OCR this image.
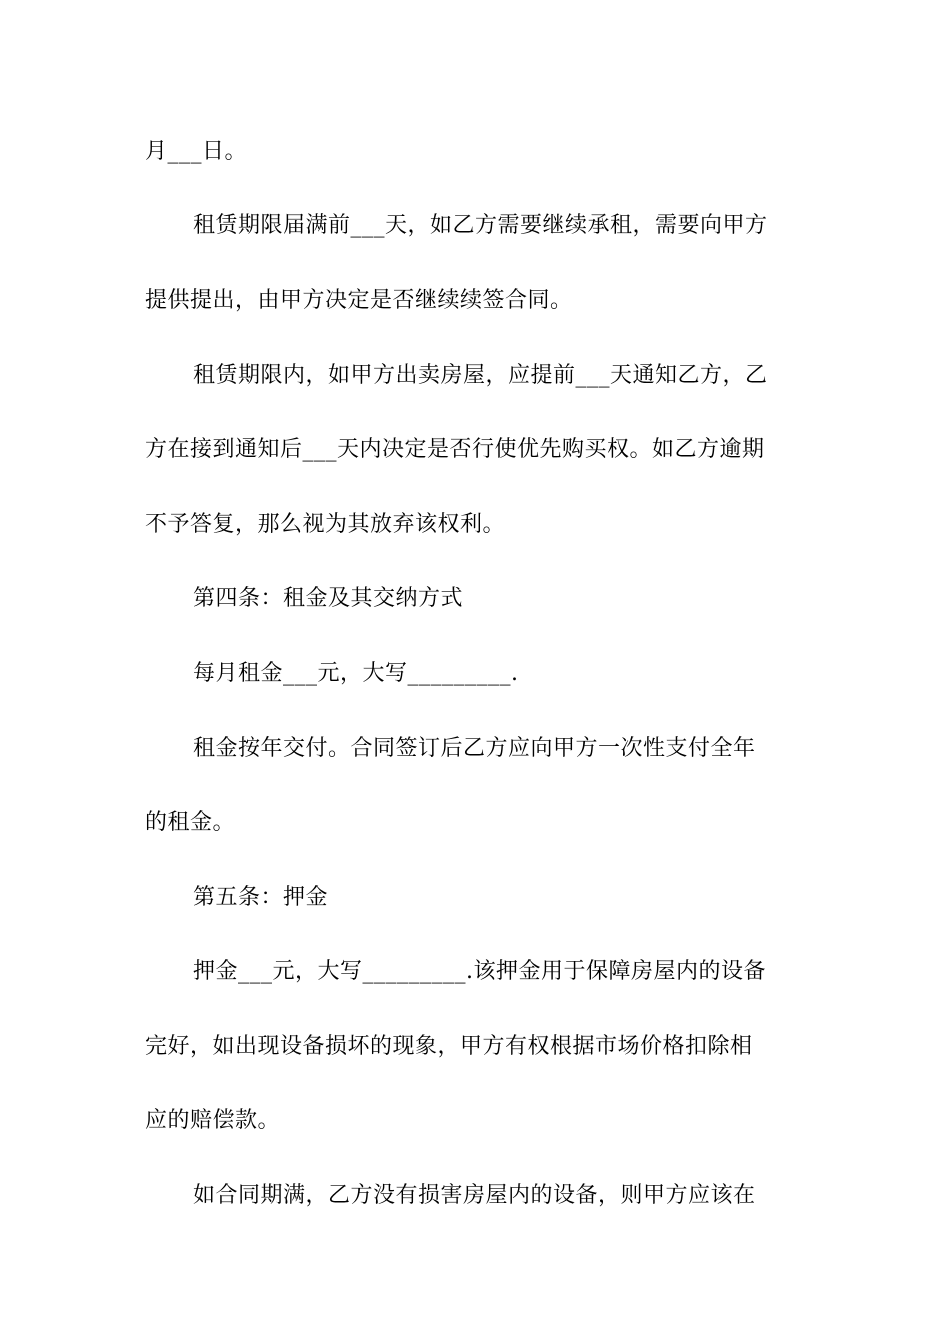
月___日。
租赁期限届满前___天，如乙方需要继续承租，需要向甲方
提供提出，由甲方决定是否继续续签合同。
租赁期限内，如甲方出卖房屋，应提前___天通知乙方，乙
方在接到通知后___天内决定是否行使优先购买权。如乙方逾期
不予答复，那么视为其放弃该权利。
第四条：租金及其交纳方式
每月租金___元，大写_________.
租金按年交付。合同签订后乙方应向甲方一次性支付全年
的租金。
第五条：押金
押金___元，大写_________.该押金用于保障房屋内的设备
完好，如出现设备损坏的现象，甲方有权根据市场价格扣除相
应的赔偿款。
如合同期满，乙方没有损害房屋内的设备，则甲方应该在
